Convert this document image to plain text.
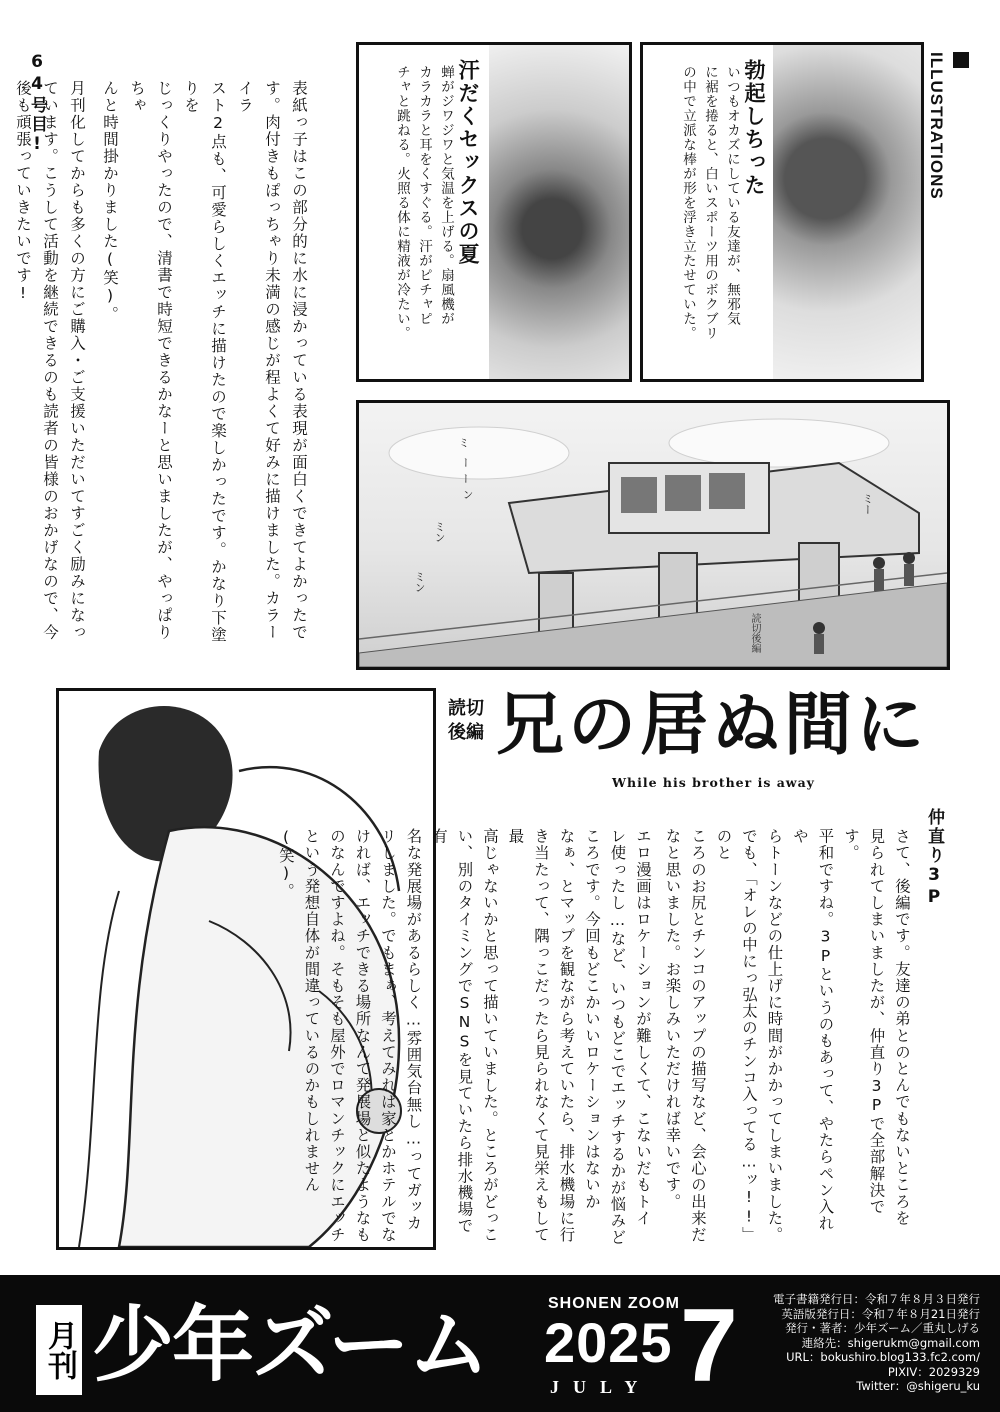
ILLUSTRATIONS
勃起しちった
いつもオカズにしている友達が、無邪気
に裾を捲ると、白いスポーツ用のボクブリ
の中で立派な棒が形を浮き立たせていた。
汗だくセックスの夏
蝉がジワジワと気温を上げる。扇風機が
カラカラと耳をくすぐる。汗がピチャピ
チャと跳ねる。火照る体に精液が冷たい。
64号目!	表紙っ子はこの部分的に水に浸かっている表現が面白くできてよかったで
す。肉付きもぽっちゃり未満の感じが程よくて好みに描けました。カラーイラ
スト2点も、可愛らしくエッチに描けたので楽しかったです。かなり下塗りを
じっくりやったので、清書で時短できるかなーと思いましたが、やっぱりちゃ
んと時間掛かりました(笑)。
月刊化してからも多くの方にご購入・ご支援いただいてすごく励みになっ
ています。こうして活動を継続できるのも読者の皆様のおかげなので、今
後も頑張っていきたいです!
ミ
ー
ー
ン
ミン
ミン
ミー
読切後編
読切
後編 兄の居ぬ間に
While his brother is away
仲直り3P
さて、後編です。友達の弟とのとんでもないところを
見られてしまいましたが、仲直り3Pで全部解決です。
平和ですね。3Pというのもあって、やたらペン入れや
らトーンなどの仕上げに時間がかかってしまいました。
でも、「オレの中にっ弘太のチンコ入ってる…ッ!!」のと
ころのお尻とチンコのアップの描写など、会心の出来だ
なと思いました。お楽しみいただければ幸いです。
エロ漫画はロケーションが難しくて、こないだもトイ
レ使ったし…など、いつもどこでエッチするかが悩みど
ころです。今回もどこかいいロケーションはないか
なぁ、とマップを観ながら考えていたら、排水機場に行
き当たって、隅っこだったら見られなくて見栄えもして最
高じゃないかと思って描いていました。ところがどっこ
い、別のタイミングでSNSを見ていたら排水機場で有
名な発展場があるらしく…雰囲気台無し…ってガッカ
リしました。でもまぁ、考えてみれば家とかホテルでな
ければ、エッチできる場所なんて発展場と似たようなも
のなんですよね。そもそも屋外でロマンチックにエッチ
という発想自体が間違っているのかもしれません(笑)。
月刊 少年ズーム	SHONEN ZOOM
2025
JULY 7	電子書籍発行日：令和７年８月３日発行
英語版発行日：令和７年８月21日発行
発行・著者：少年ズーム／重丸しげる
連絡先：shigerukm@gmail.com
URL：bokushiro.blog133.fc2.com/
PIXIV：2029329
Twitter：@shigeru_ku
